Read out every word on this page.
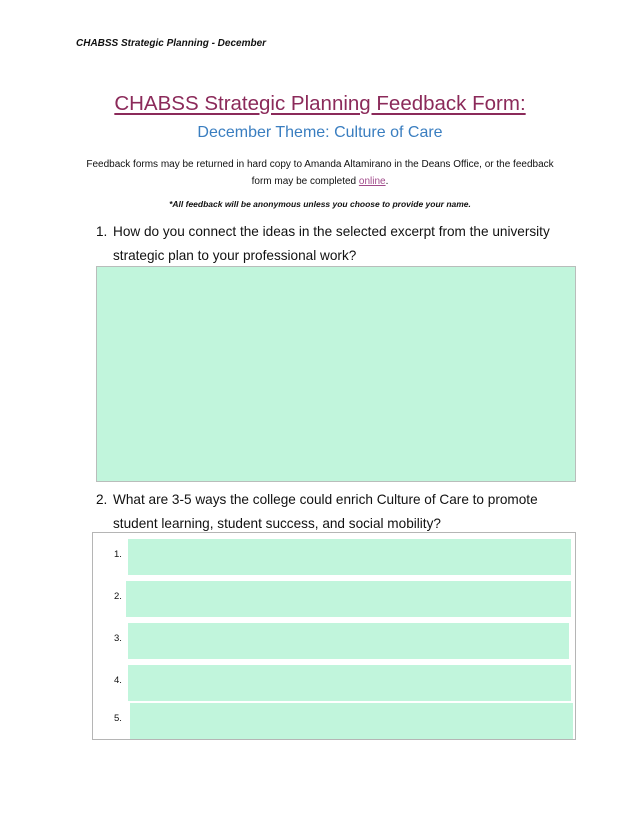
CHABSS Strategic Planning - December
CHABSS Strategic Planning Feedback Form:
December Theme: Culture of Care
Feedback forms may be returned in hard copy to Amanda Altamirano in the Deans Office, or the feedback
form may be completed online.
*All feedback will be anonymous unless you choose to provide your name.
1. How do you connect the ideas in the selected excerpt from the university strategic plan to your professional work?
2. What are 3-5 ways the college could enrich Culture of Care to promote student learning, student success, and social mobility?
1.
2.
3.
4.
5.
